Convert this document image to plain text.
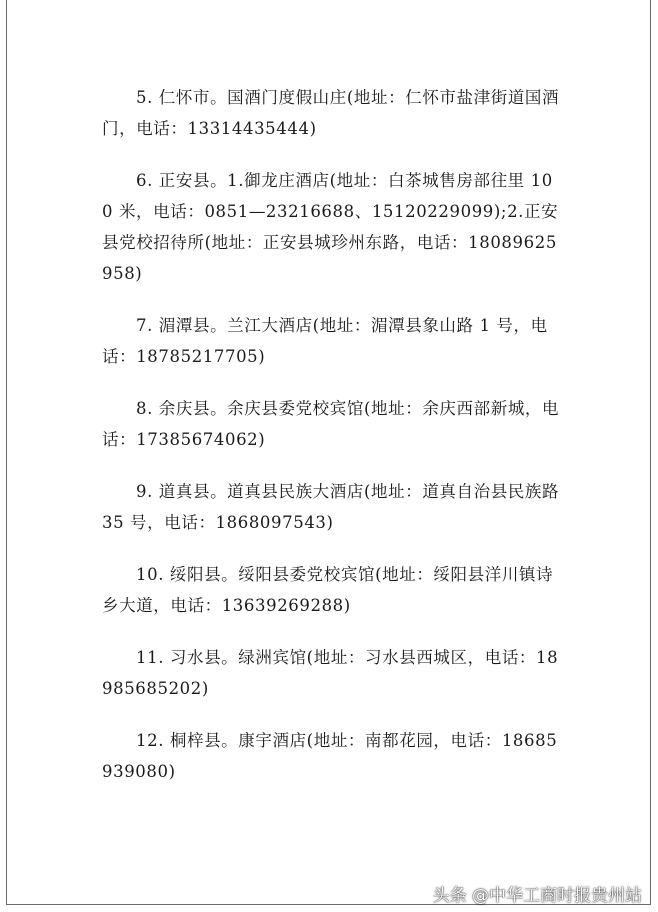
5. 仁怀市。国酒门度假山庄(地址：仁怀市盐津街道国酒门，电话：13314435444)

6. 正安县。1.御龙庄酒店(地址：白茶城售房部往里 100 米，电话：0851—23216688、15120229099);2.正安县党校招待所(地址：正安县城珍州东路，电话：18089625958)

7. 湄潭县。兰江大酒店(地址：湄潭县象山路 1 号，电话：18785217705)

8. 余庆县。余庆县委党校宾馆(地址：余庆西部新城，电话：17385674062)

9. 道真县。道真县民族大酒店(地址：道真自治县民族路 35 号，电话：1868097543)

10. 绥阳县。绥阳县委党校宾馆(地址：绥阳县洋川镇诗乡大道，电话：13639269288)

11. 习水县。绿洲宾馆(地址：习水县西城区，电话：18985685202)

12. 桐梓县。康宇酒店(地址：南都花园，电话：18685939080)

头条 @中华工商时报贵州站
